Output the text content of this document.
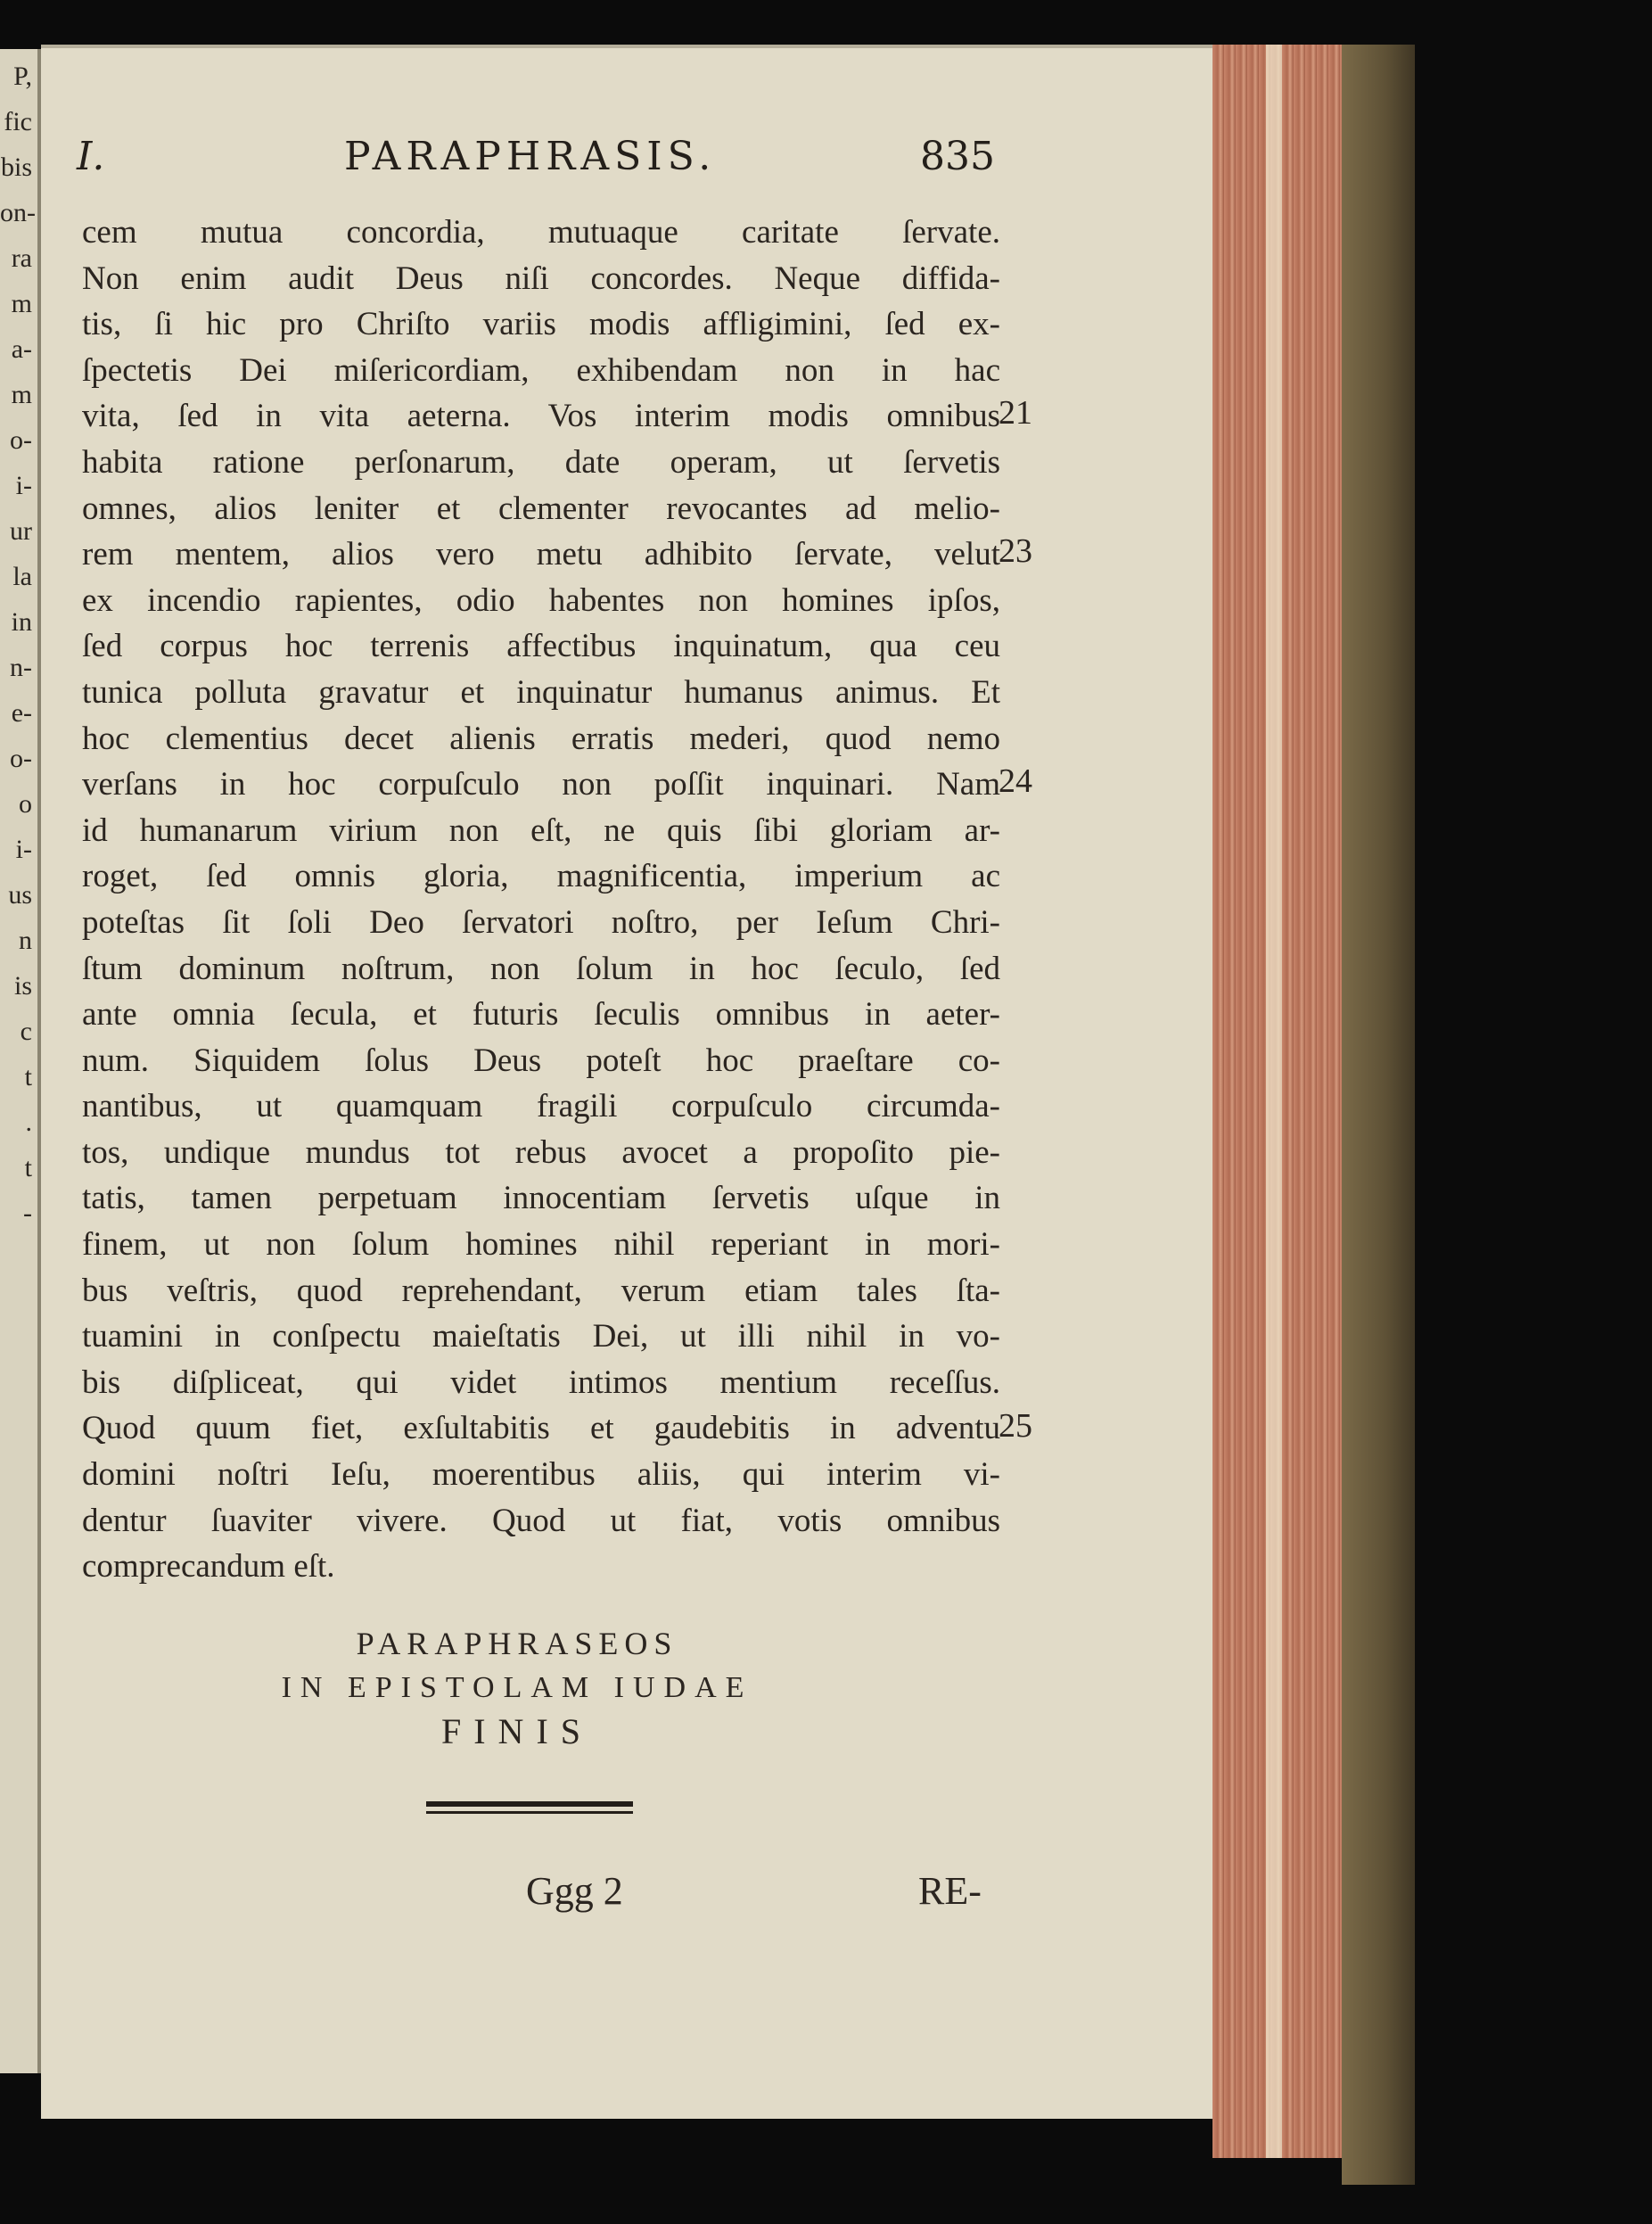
P,
fic
bis
on-
ra
m
a-
m
o-
i-
ur
la
in
n-
e-
o-
o
i-
us
n
is
c
t
.
t
-
I.	PARAPHRASIS.	835
cem mutua concordia, mutuaque caritate ſervate.
Non enim audit Deus niſi concordes. Neque diffida-
tis, ſi hic pro Chriſto variis modis affligimini, ſed ex-
ſpectetis Dei miſericordiam, exhibendam non in hac
vita, ſed in vita aeterna. Vos interim modis omnibus
habita ratione perſonarum, date operam, ut ſervetis
omnes, alios leniter et clementer revocantes ad melio-
rem mentem, alios vero metu adhibito ſervate, velut
ex incendio rapientes, odio habentes non homines ipſos,
ſed corpus hoc terrenis affectibus inquinatum, qua ceu
tunica polluta gravatur et inquinatur humanus animus. Et
hoc clementius decet alienis erratis mederi, quod nemo
verſans in hoc corpuſculo non poſſit inquinari. Nam
id humanarum virium non eſt, ne quis ſibi gloriam ar-
roget, ſed omnis gloria, magnificentia, imperium ac
poteſtas ſit ſoli Deo ſervatori noſtro, per Ieſum Chri-
ſtum dominum noſtrum, non ſolum in hoc ſeculo, ſed
ante omnia ſecula, et futuris ſeculis omnibus in aeter-
num. Siquidem ſolus Deus poteſt hoc praeſtare co-
nantibus, ut quamquam fragili corpuſculo circumda-
tos, undique mundus tot rebus avocet a propoſito pie-
tatis, tamen perpetuam innocentiam ſervetis uſque in
finem, ut non ſolum homines nihil reperiant in mori-
bus veſtris, quod reprehendant, verum etiam tales ſta-
tuamini in conſpectu maieſtatis Dei, ut illi nihil in vo-
bis diſpliceat, qui videt intimos mentium receſſus.
Quod quum fiet, exſultabitis et gaudebitis in adventu
domini noſtri Ieſu, moerentibus aliis, qui interim vi-
dentur ſuaviter vivere. Quod ut fiat, votis omnibus
comprecandum eſt.
21
23
24
25
PARAPHRASEOS
IN EPISTOLAM IUDAE
FINIS
Ggg 2	RE-
